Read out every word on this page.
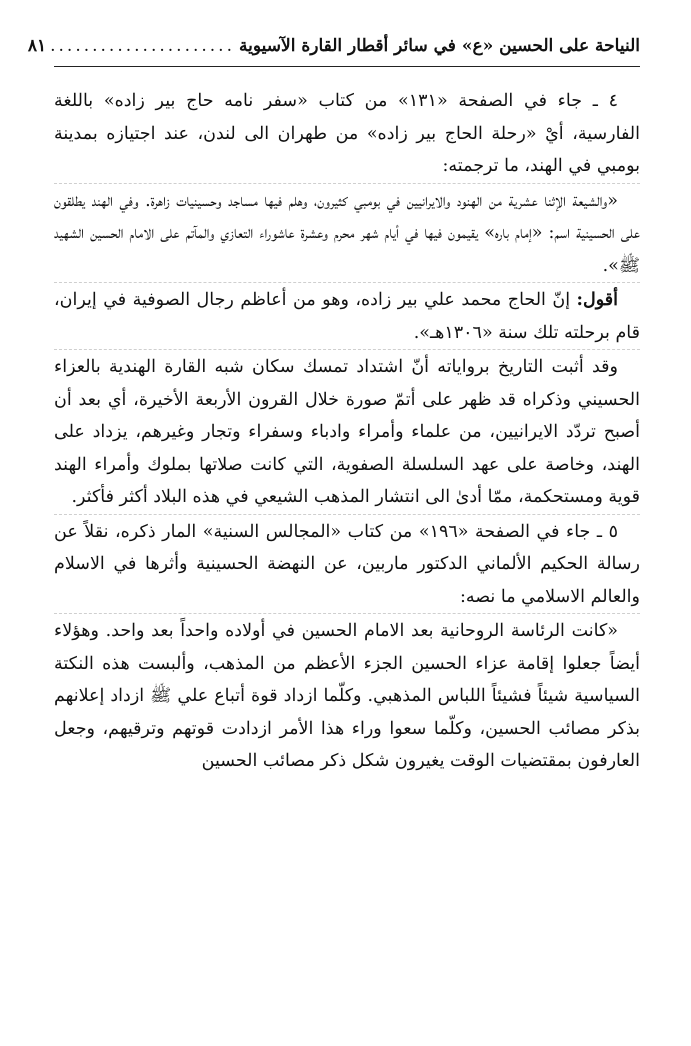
النياحة على الحسين «ع» في سائر أقطار القارة الآسيوية
......................
٨١

٤ ـ جاء في الصفحة «١٣١» من كتاب «سفر نامه حاج بير زاده» باللغة الفارسية، أيْ «رحلة الحاج بير زاده» من طهران الى لندن، عند اجتيازه بمدينة بومبي في الهند، ما ترجمته:

«والشيعة الإثنا عشرية من الهنود والايرانيين في بومبي كثيرون، وهلم فيها مساجد وحسينيات زاهرة. وفي الهند يطلقون على الحسينية اسم: «إمام باره» يقيمون فيها في أيام شهر محرم وعشرة عاشوراء التعازي والمآتم على الامام الحسين الشهيد ﷺ».

أقول: إنّ الحاج محمد علي بير زاده، وهو من أعاظم رجال الصوفية في إيران، قام برحلته تلك سنة «١٣٠٦هـ».

وقد أثبت التاريخ برواياته أنّ اشتداد تمسك سكان شبه القارة الهندية بالعزاء الحسيني وذكراه قد ظهر على أتمّ صورة خلال القرون الأربعة الأخيرة، أي بعد أن أصبح تردّد الايرانيين، من علماء وأمراء وادباء وسفراء وتجار وغيرهم، يزداد على الهند، وخاصة على عهد السلسلة الصفوية، التي كانت صلاتها بملوك وأمراء الهند قوية ومستحكمة، ممّا أدىٰ الى انتشار المذهب الشيعي في هذه البلاد أكثر فأكثر.

٥ ـ جاء في الصفحة «١٩٦» من كتاب «المجالس السنية» المار ذكره، نقلاً عن رسالة الحكيم الألماني الدكتور ماربين، عن النهضة الحسينية وأثرها في الاسلام والعالم الاسلامي ما نصه:

«كانت الرئاسة الروحانية بعد الامام الحسين في أولاده واحداً بعد واحد. وهؤلاء أيضاً جعلوا إقامة عزاء الحسين الجزء الأعظم من المذهب، وألبست هذه النكتة السياسية شيئاً فشيئاً اللباس المذهبي. وكلّما ازداد قوة أتباع علي ﷺ ازداد إعلانهم بذكر مصائب الحسين، وكلّما سعوا وراء هذا الأمر ازدادت قوتهم وترقيهم، وجعل العارفون بمقتضيات الوقت يغيرون شكل ذكر مصائب الحسين
